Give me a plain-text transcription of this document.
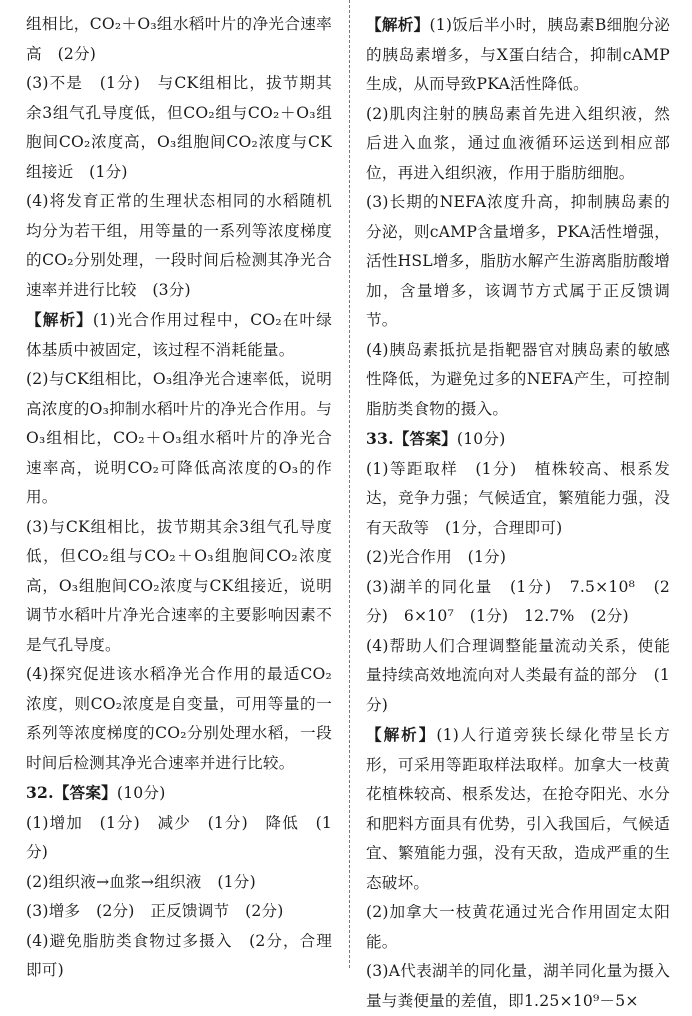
组相比，CO₂＋O₃组水稻叶片的净光合速率高　(2分)

(3)不是　(1分)　与CK组相比，拔节期其余3组气孔导度低，但CO₂组与CO₂＋O₃组胞间CO₂浓度高，O₃组胞间CO₂浓度与CK组接近　(1分)

(4)将发育正常的生理状态相同的水稻随机均分为若干组，用等量的一系列等浓度梯度的CO₂分别处理，一段时间后检测其净光合速率并进行比较　(3分)

【解析】(1)光合作用过程中，CO₂在叶绿体基质中被固定，该过程不消耗能量。

(2)与CK组相比，O₃组净光合速率低，说明高浓度的O₃抑制水稻叶片的净光合作用。与O₃组相比，CO₂＋O₃组水稻叶片的净光合速率高，说明CO₂可降低高浓度的O₃的作用。

(3)与CK组相比，拔节期其余3组气孔导度低，但CO₂组与CO₂＋O₃组胞间CO₂浓度高，O₃组胞间CO₂浓度与CK组接近，说明调节水稻叶片净光合速率的主要影响因素不是气孔导度。

(4)探究促进该水稻净光合作用的最适CO₂浓度，则CO₂浓度是自变量，可用等量的一系列等浓度梯度的CO₂分别处理水稻，一段时间后检测其净光合速率并进行比较。

32.【答案】(10分)

(1)增加　(1分)　减少　(1分)　降低　(1分)

(2)组织液→血浆→组织液　(1分)

(3)增多　(2分)　正反馈调节　(2分)

(4)避免脂肪类食物过多摄入　(2分，合理即可)

【解析】(1)饭后半小时，胰岛素B细胞分泌的胰岛素增多，与X蛋白结合，抑制cAMP生成，从而导致PKA活性降低。

(2)肌肉注射的胰岛素首先进入组织液，然后进入血浆，通过血液循环运送到相应部位，再进入组织液，作用于脂肪细胞。

(3)长期的NEFA浓度升高，抑制胰岛素的分泌，则cAMP含量增多，PKA活性增强，活性HSL增多，脂肪水解产生游离脂肪酸增加，含量增多，该调节方式属于正反馈调节。

(4)胰岛素抵抗是指靶器官对胰岛素的敏感性降低，为避免过多的NEFA产生，可控制脂肪类食物的摄入。

33.【答案】(10分)

(1)等距取样　(1分)　植株较高、根系发达，竞争力强；气候适宜，繁殖能力强，没有天敌等　(1分，合理即可)

(2)光合作用　(1分)

(3)湖羊的同化量　(1分)　7.5×10⁸　(2分)　6×10⁷　(1分)　12.7%　(2分)

(4)帮助人们合理调整能量流动关系，使能量持续高效地流向对人类最有益的部分　(1分)

【解析】(1)人行道旁狭长绿化带呈长方形，可采用等距取样法取样。加拿大一枝黄花植株较高、根系发达，在抢夺阳光、水分和肥料方面具有优势，引入我国后，气候适宜、繁殖能力强，没有天敌，造成严重的生态破坏。

(2)加拿大一枝黄花通过光合作用固定太阳能。

(3)A代表湖羊的同化量，湖羊同化量为摄入量与粪便量的差值，即1.25×10⁹－5×
